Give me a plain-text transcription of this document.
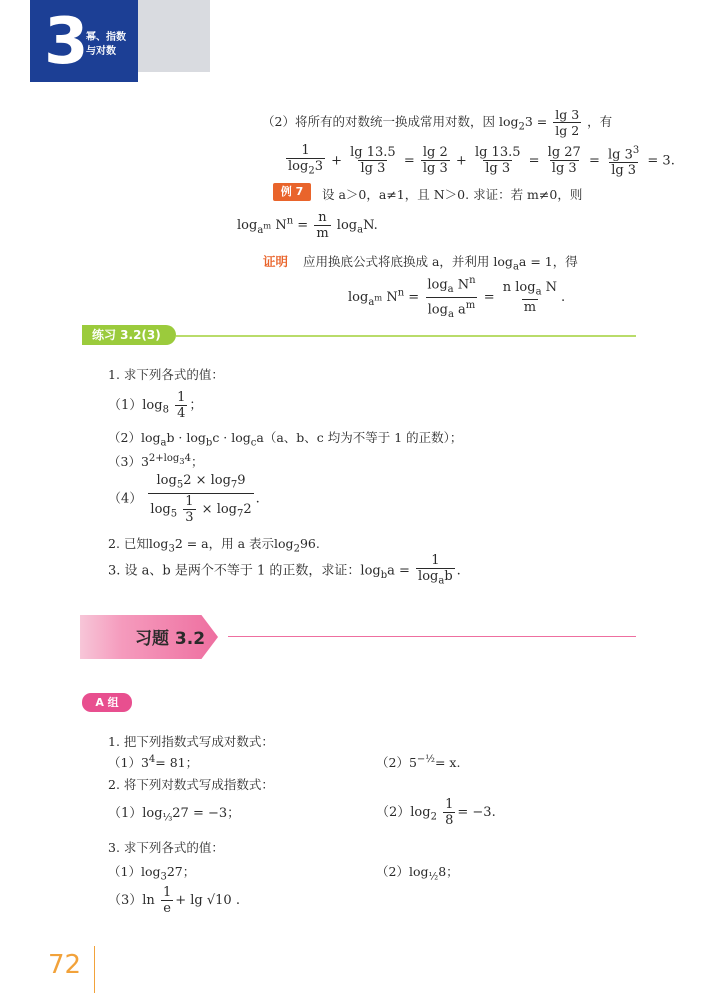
3
幂、指数
与对数
（2）将所有的对数统一换成常用对数，因 $\log_23 = \frac{\lg 3}{\lg 2}$ ，有
$\frac{1}{\log_23} + \frac{\lg 13.5}{\lg 3} = \frac{\lg 2}{\lg 3} + \frac{\lg 13.5}{\lg 3} = \frac{\lg 27}{\lg 3} = \frac{\lg 3^3}{\lg 3} = 3$.
例 7	设 a＞0，a≠1，且 N＞0. 求证：若 m≠0，则
$\log_{a^m} N^n = \frac{n}{m} \log_aN$.
证明 应用换底公式将底换成 a，并利用 $\log_aa = 1$，得
$\log_{a^m} N^n = \frac{\log_a N^n}{\log_a a^m} = \frac{n \log_a N}{m}$ .
练习 3.2(3)
1. 求下列各式的值：
$(1)\log_8 \frac{1}{4}$ ；
$(2)\log_ab \cdot \log_bc \cdot \log_ca(a$、b、c 均为不等于 1 的正数）；
$(3)3^{2+log_34}$；
$(4) \frac{\log_52 \times \log_79}{\log_5 \frac{1}{3} \times \log_72}$ .
2. 已知$\log_32 = a$，用 a 表示$\log_296$.
3. 设 a、b 是两个不等于 1 的正数，求证：$\log_ba = \frac{1}{\log_ab}$ .
习题 3.2
A 组
1. 把下列指数式写成对数式：
$(1)3^4= 81$；	$(2)5^{-\frac{1}{2}}= x$.
2. 将下列对数式写成指数式：
$(1)\log_{\frac{1}{3}}27 = -3$；	$(2)\log_2 \frac{1}{8} = -3$.
3. 求下列各式的值：
$(1)\log_327$；	$(2)\log_{\frac{1}{2}}8$；
$(3)\ln \frac{1}{e} + \lg √10$ .
72
